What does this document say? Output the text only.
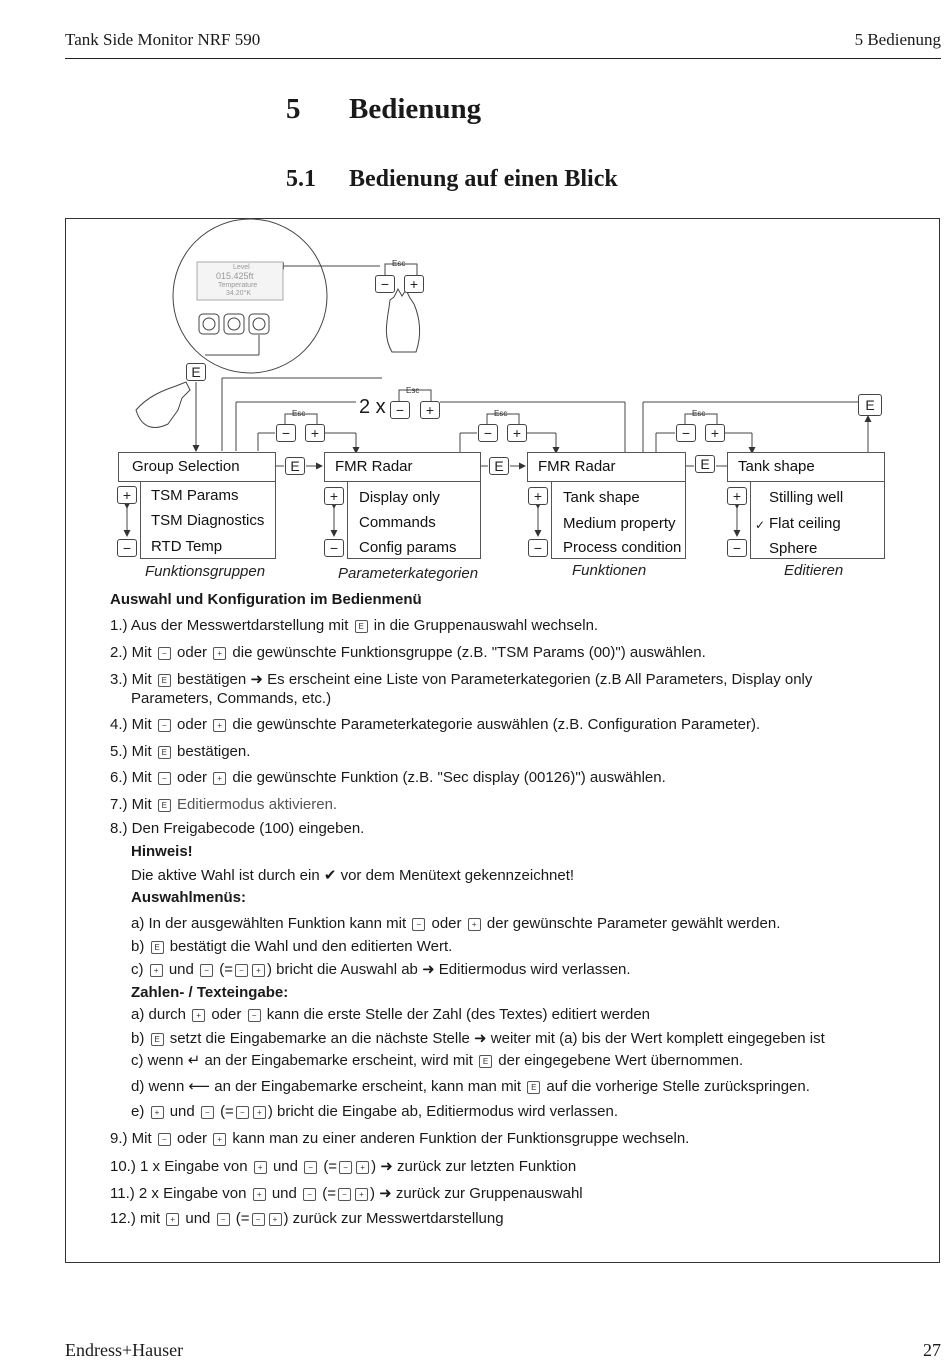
Tank Side Monitor NRF 590	5 Bedienung
5 Bedienung
5.1 Bedienung auf einen Blick
Level
015.425ft
Temperature
34.20°K
Esc
Esc
Esc	Esc	Esc
−	+
E
2 x −	+
−	+	−	+	−	+
E
E	E	E
Group Selection
TSM Params
TSM Diagnostics
RTD Temp
+
−
Funktionsgruppen
FMR Radar
Display only
Commands
Config params
+
−
Parameterkategorien
FMR Radar
Tank shape
Medium property
Process condition
+
−
Funktionen
Tank shape
Stilling well
✓ Flat ceiling
Sphere
+
−
Editieren
Auswahl und Konfiguration im Bedienmenü
1.) Aus der Messwertdarstellung mit E in die Gruppenauswahl wechseln.
2.) Mit − oder + die gewünschte Funktionsgruppe (z.B. "TSM Params (00)") auswählen.
3.) Mit E bestätigen ➜ Es erscheint eine Liste von Parameterkategorien (z.B All Parameters, Display only
Parameters, Commands, etc.)
4.) Mit − oder + die gewünschte Parameterkategorie auswählen (z.B. Configuration Parameter).
5.) Mit E bestätigen.
6.) Mit − oder + die gewünschte Funktion (z.B. "Sec display (00126)") auswählen.
7.) Mit E Editiermodus aktivieren.
8.) Den Freigabecode (100) eingeben.
Hinweis!
Die aktive Wahl ist durch ein ✔ vor dem Menütext gekennzeichnet!
Auswahlmenüs:
a) In der ausgewählten Funktion kann mit − oder + der gewünschte Parameter gewählt werden.
b) E bestätigt die Wahl und den editierten Wert.
c) + und − (= − + ) bricht die Auswahl ab ➜ Editiermodus wird verlassen.
Zahlen- / Texteingabe:
a) durch + oder − kann die erste Stelle der Zahl (des Textes) editiert werden
b) E setzt die Eingabemarke an die nächste Stelle ➜ weiter mit (a) bis der Wert komplett eingegeben ist
c) wenn ↵ an der Eingabemarke erscheint, wird mit E der eingegebene Wert übernommen.
d) wenn ⟵ an der Eingabemarke erscheint, kann man mit E auf die vorherige Stelle zurückspringen.
e) + und − (= − + ) bricht die Eingabe ab, Editiermodus wird verlassen.
9.) Mit − oder + kann man zu einer anderen Funktion der Funktionsgruppe wechseln.
10.) 1 x Eingabe von + und − (= − + ) ➜ zurück zur letzten Funktion
11.) 2 x Eingabe von + und − (= − + ) ➜ zurück zur Gruppenauswahl
12.) mit + und − (= − + ) zurück zur Messwertdarstellung
Endress+Hauser	27
